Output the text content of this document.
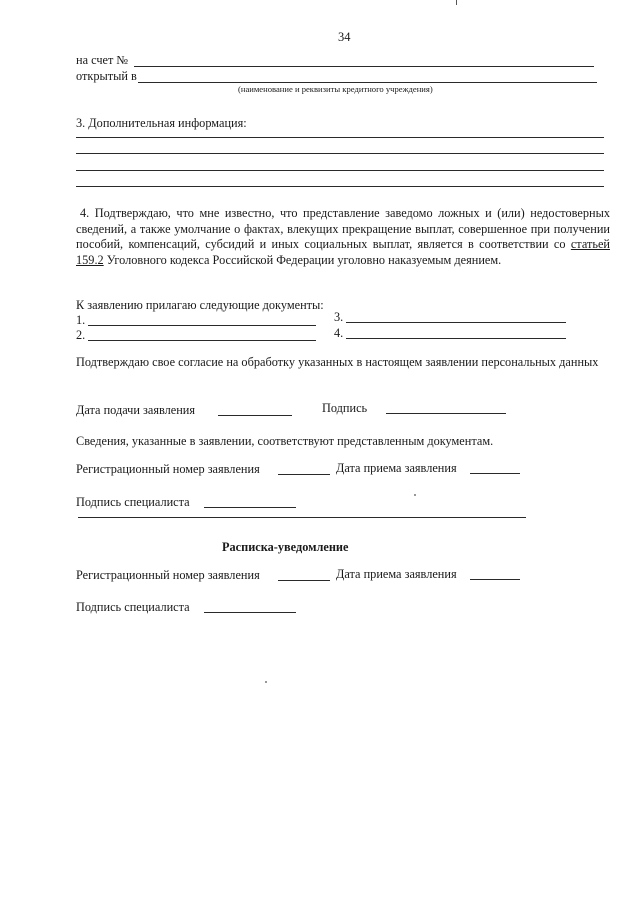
34
на счет №
открытый в
(наименование и реквизиты кредитного учреждения)
3. Дополнительная информация:
4. Подтверждаю, что мне известно, что представление заведомо ложных и (или) недостоверных сведений, а также умолчание о фактах, влекущих прекращение выплат, совершенное при получении пособий, компенсаций, субсидий и иных социальных выплат, является в соответствии со статьей 159.2 Уголовного кодекса Российской Федерации уголовно наказуемым деянием.
К заявлению прилагаю следующие документы:
1.
2.
3.
4.
Подтверждаю свое согласие на обработку указанных в настоящем заявлении персональных данных
Дата подачи заявления	Подпись
Сведения, указанные в заявлении, соответствуют представленным документам.
Регистрационный номер заявления	Дата приема заявления
Подпись специалиста
Расписка-уведомление
Регистрационный номер заявления	Дата приема заявления
Подпись специалиста
